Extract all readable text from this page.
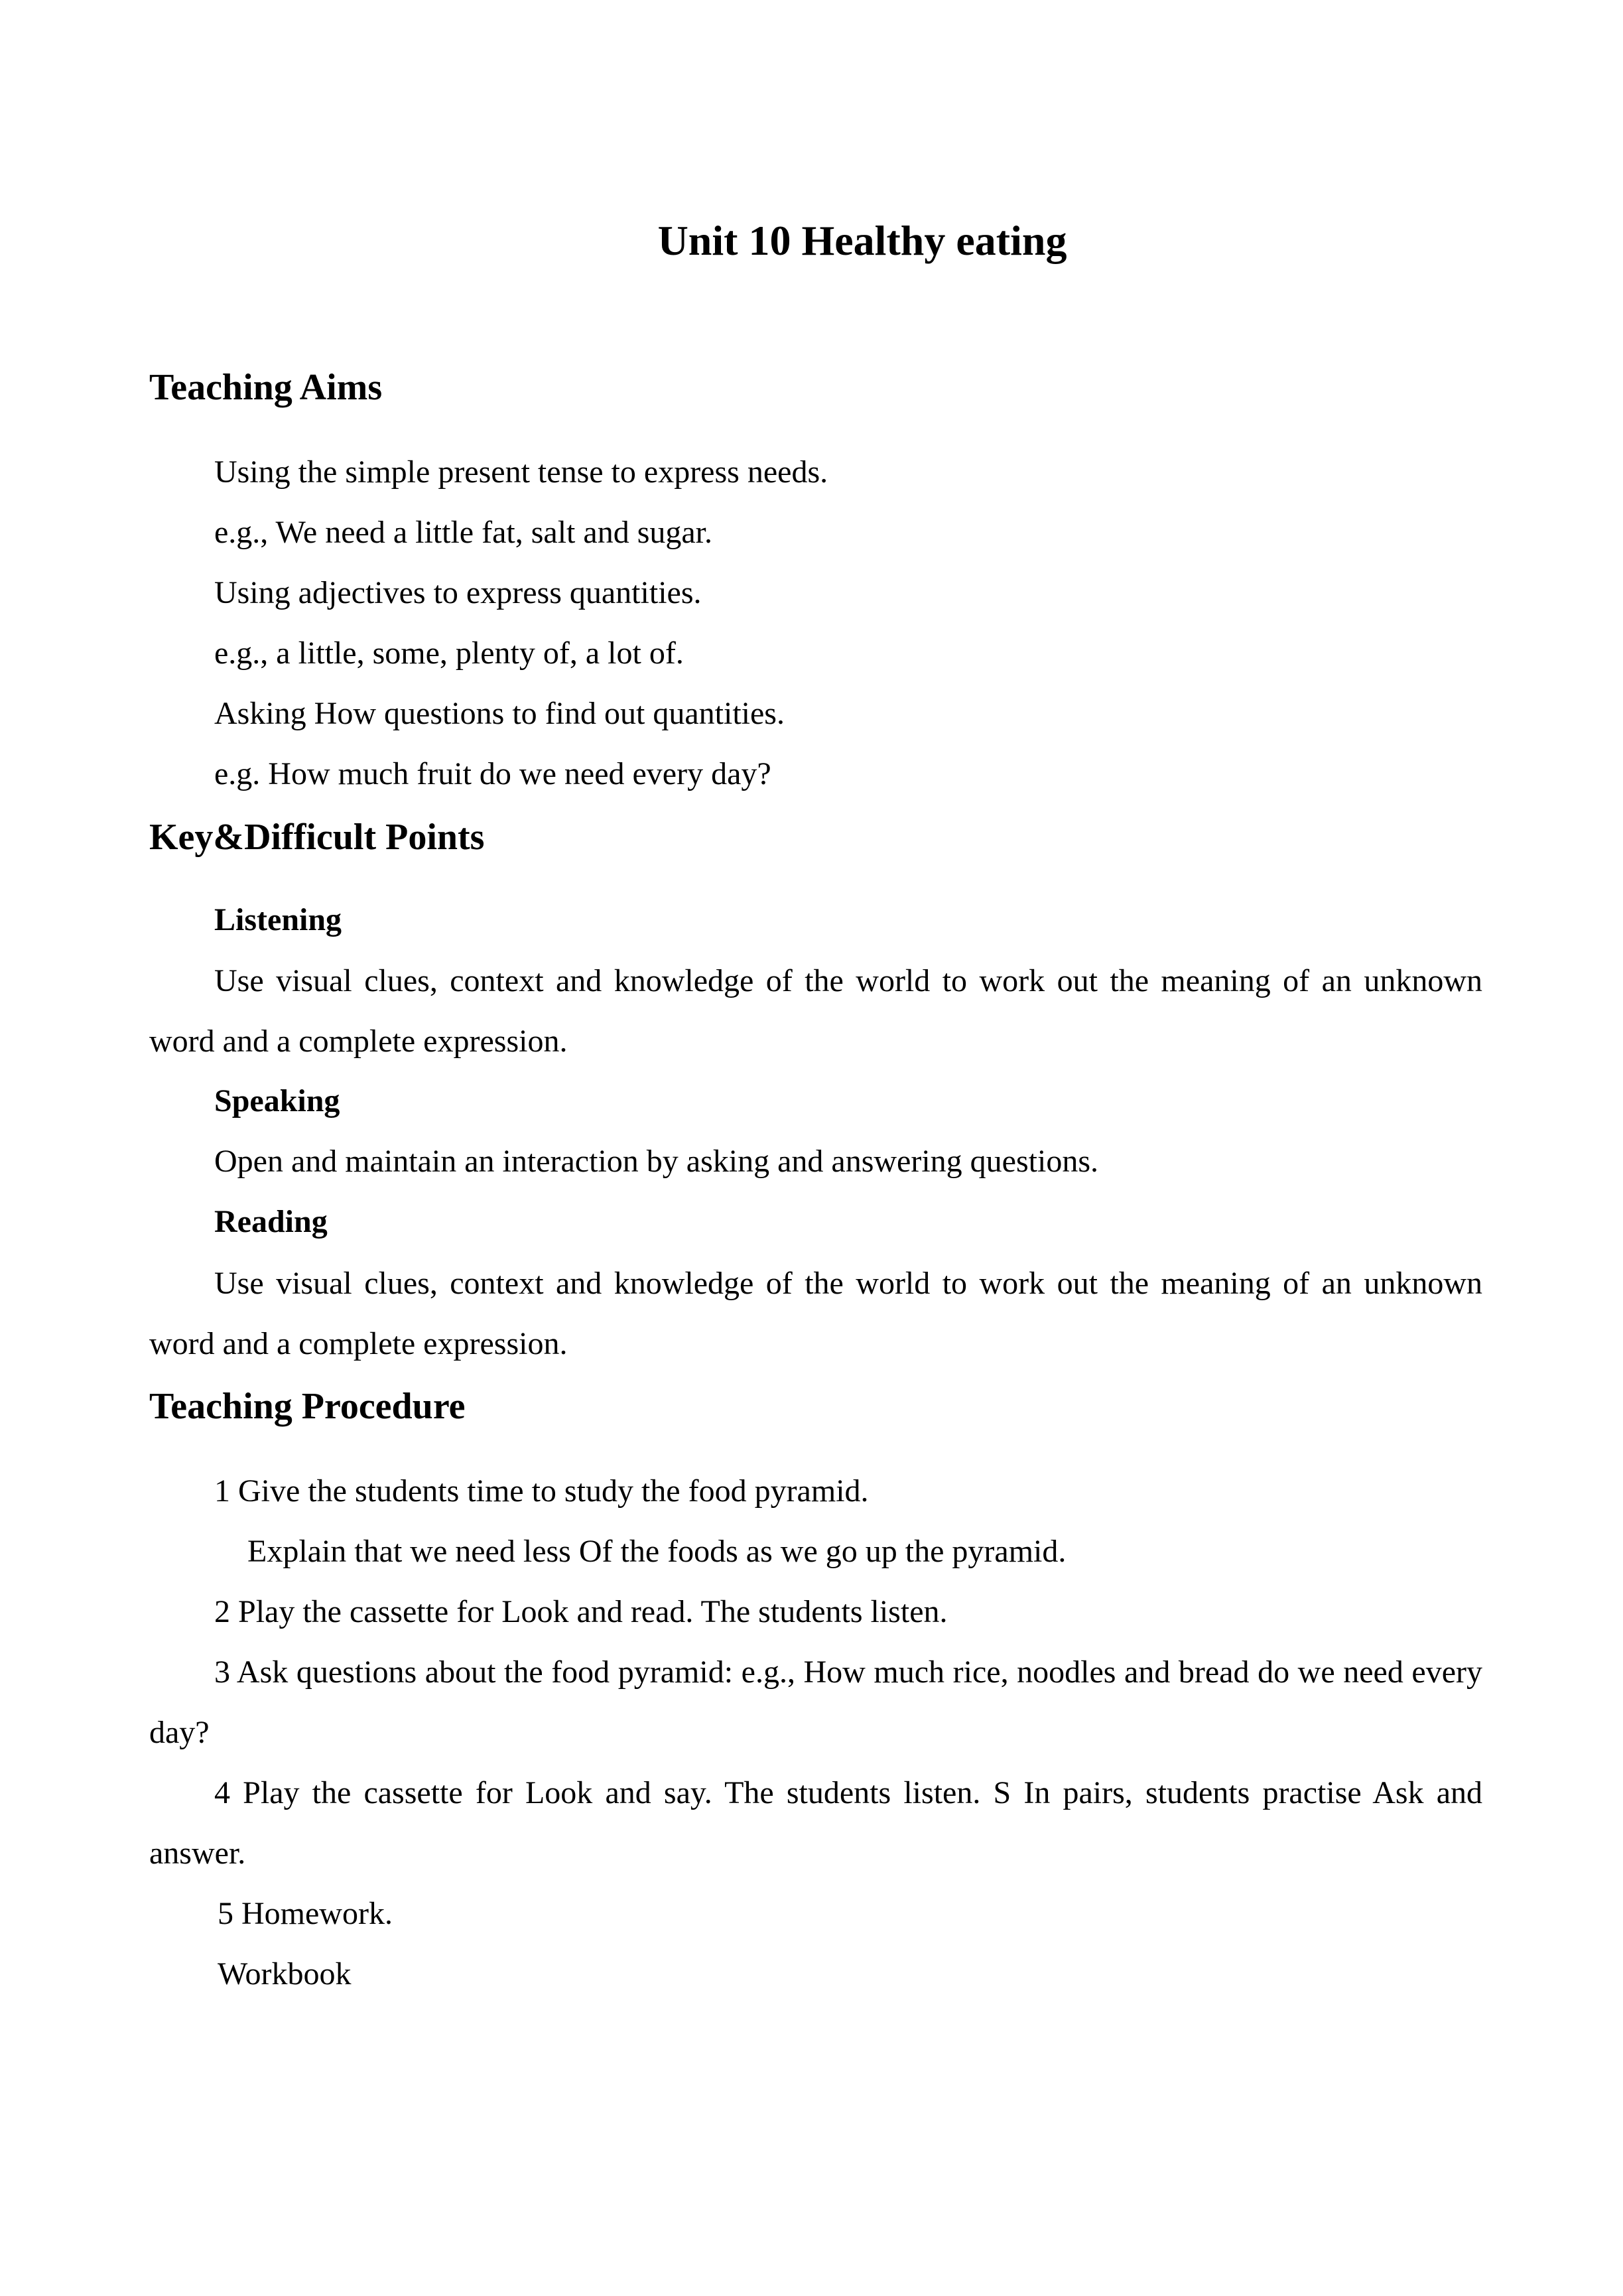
Unit 10 Healthy eating
Teaching Aims

Using the simple present tense to express needs.

e.g., We need a little fat, salt and sugar.

Using adjectives to express quantities.

e.g., a little, some, plenty of, a lot of.

Asking How questions to find out quantities.

e.g. How much fruit do we need every day?

Key&Difficult Points

Listening

Use visual clues, context and knowledge of the world to work out the meaning of an unknown word and a complete expression.

Speaking

Open and maintain an interaction by asking and answering questions.

Reading

Use visual clues, context and knowledge of the world to work out the meaning of an unknown word and a complete expression.

Teaching Procedure

1 Give the students time to study the food pyramid.

Explain that we need less Of the foods as we go up the pyramid.

2 Play the cassette for Look and read. The students listen.

3 Ask questions about the food pyramid: e.g., How much rice, noodles and bread do we need every day?

4 Play the cassette for Look and say. The students listen. S In pairs, students practise Ask and answer.

5 Homework.

Workbook
